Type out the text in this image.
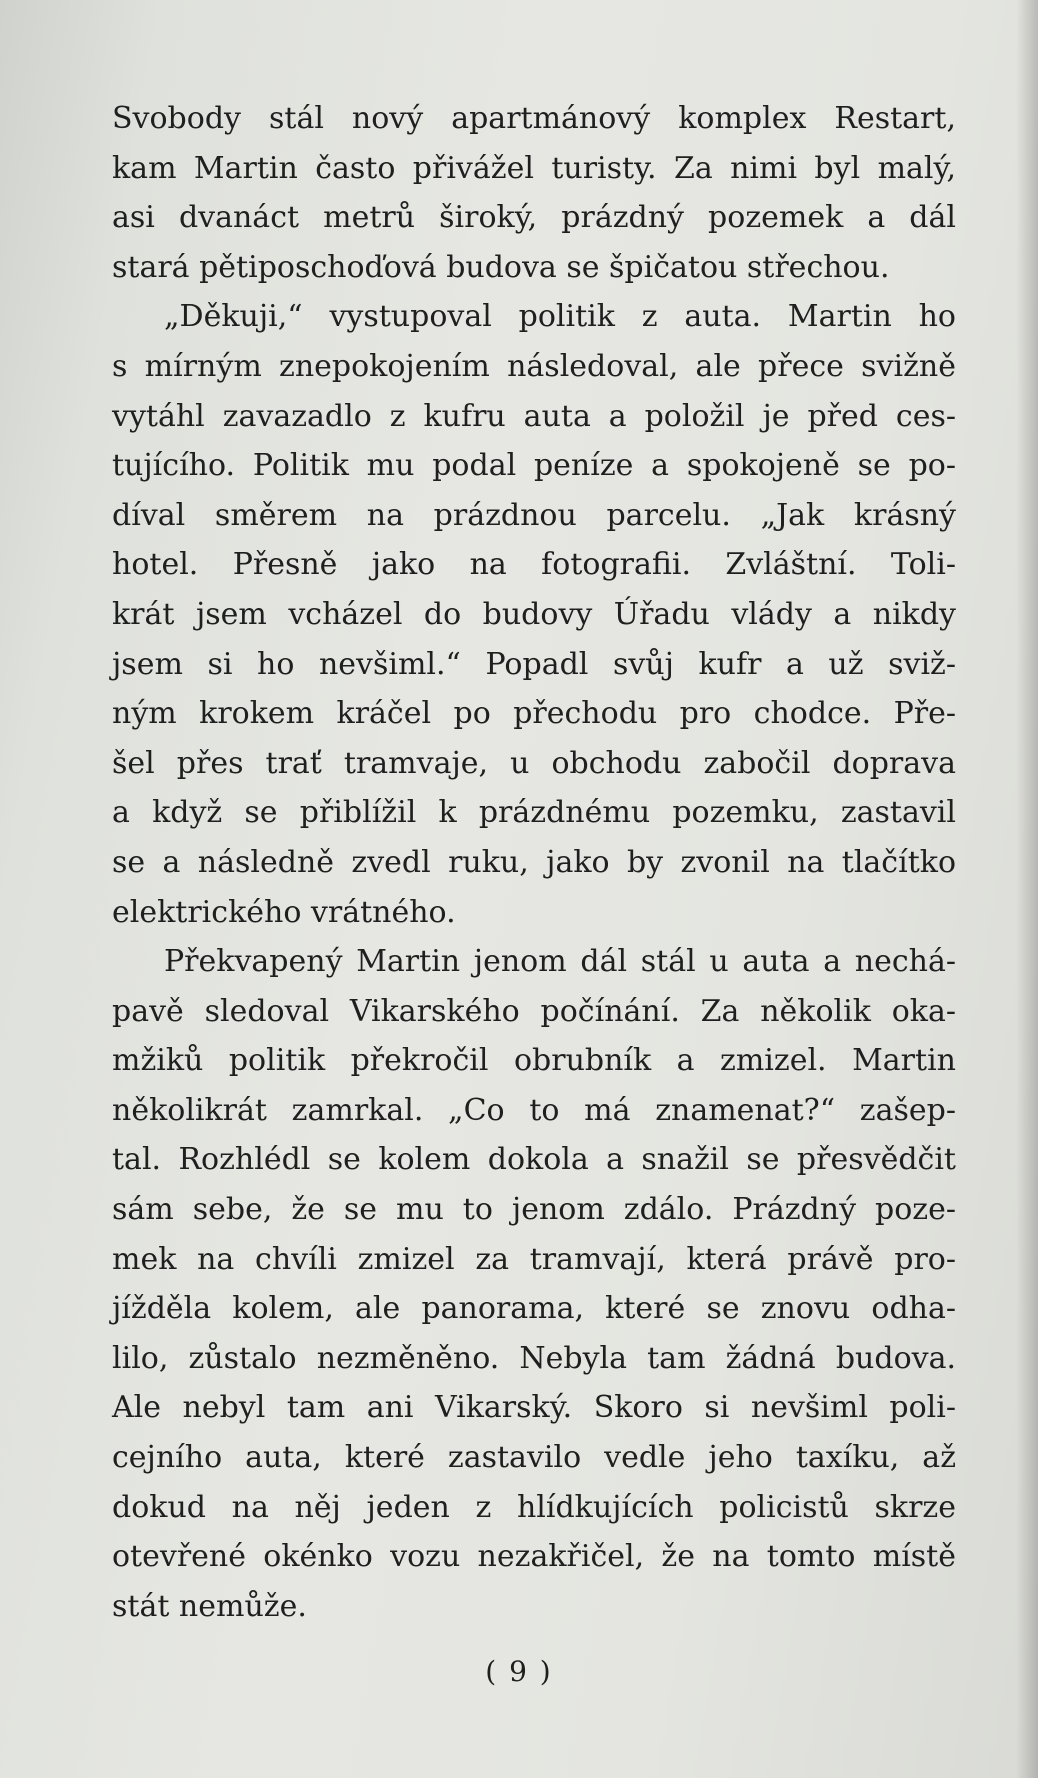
Svobody stál nový apartmánový komplex Restart,
kam Martin často přivážel turisty. Za nimi byl malý,
asi dvanáct metrů široký, prázdný pozemek a dál
stará pětiposchoďová budova se špičatou střechou.
„Děkuji,“ vystupoval politik z auta. Martin ho
s mírným znepokojením následoval, ale přece svižně
vytáhl zavazadlo z kufru auta a položil je před ces-
tujícího. Politik mu podal peníze a spokojeně se po-
díval směrem na prázdnou parcelu. „Jak krásný
hotel. Přesně jako na fotografii. Zvláštní. Toli-
krát jsem vcházel do budovy Úřadu vlády a nikdy
jsem si ho nevšiml.“ Popadl svůj kufr a už sviž-
ným krokem kráčel po přechodu pro chodce. Pře-
šel přes trať tramvaje, u obchodu zabočil doprava
a když se přiblížil k prázdnému pozemku, zastavil
se a následně zvedl ruku, jako by zvonil na tlačítko
elektrického vrátného.
Překvapený Martin jenom dál stál u auta a nechá-
pavě sledoval Vikarského počínání. Za několik oka-
mžiků politik překročil obrubník a zmizel. Martin
několikrát zamrkal. „Co to má znamenat?“ zašep-
tal. Rozhlédl se kolem dokola a snažil se přesvědčit
sám sebe, že se mu to jenom zdálo. Prázdný poze-
mek na chvíli zmizel za tramvají, která právě pro-
jížděla kolem, ale panorama, které se znovu odha-
lilo, zůstalo nezměněno. Nebyla tam žádná budova.
Ale nebyl tam ani Vikarský. Skoro si nevšiml poli-
cejního auta, které zastavilo vedle jeho taxíku, až
dokud na něj jeden z hlídkujících policistů skrze
otevřené okénko vozu nezakřičel, že na tomto místě
stát nemůže.
( 9 )
